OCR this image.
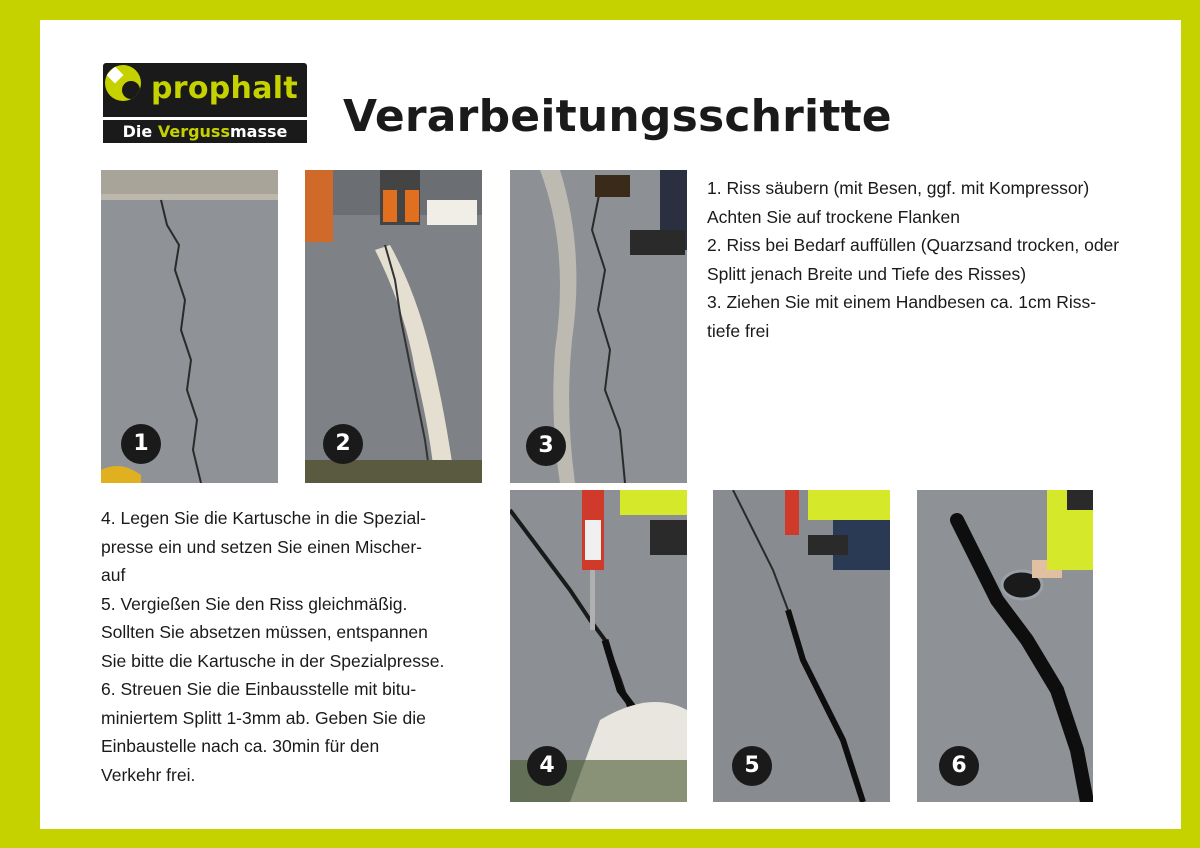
prophalt
Die Vergussmasse	Verarbeitungsschritte
1	2	3
4	5	6

1. Riss säubern (mit Besen, ggf. mit Kompressor)

Achten Sie auf trockene Flanken

2. Riss bei Bedarf auffüllen (Quarzsand trocken, oder

Splitt jenach Breite und Tiefe des Risses)

3. Ziehen Sie mit einem Handbesen ca. 1cm Riss-

tiefe frei

4. Legen Sie die Kartusche in die Spezial-

presse ein und setzen Sie einen Mischer-

auf

5. Vergießen Sie den Riss gleichmäßig.

Sollten Sie absetzen müssen, entspannen

Sie bitte die Kartusche in der Spezialpresse.

6. Streuen Sie die Einbausstelle mit bitu-

miniertem Splitt 1-3mm ab. Geben Sie die

Einbaustelle nach ca. 30min für den

Verkehr frei.
